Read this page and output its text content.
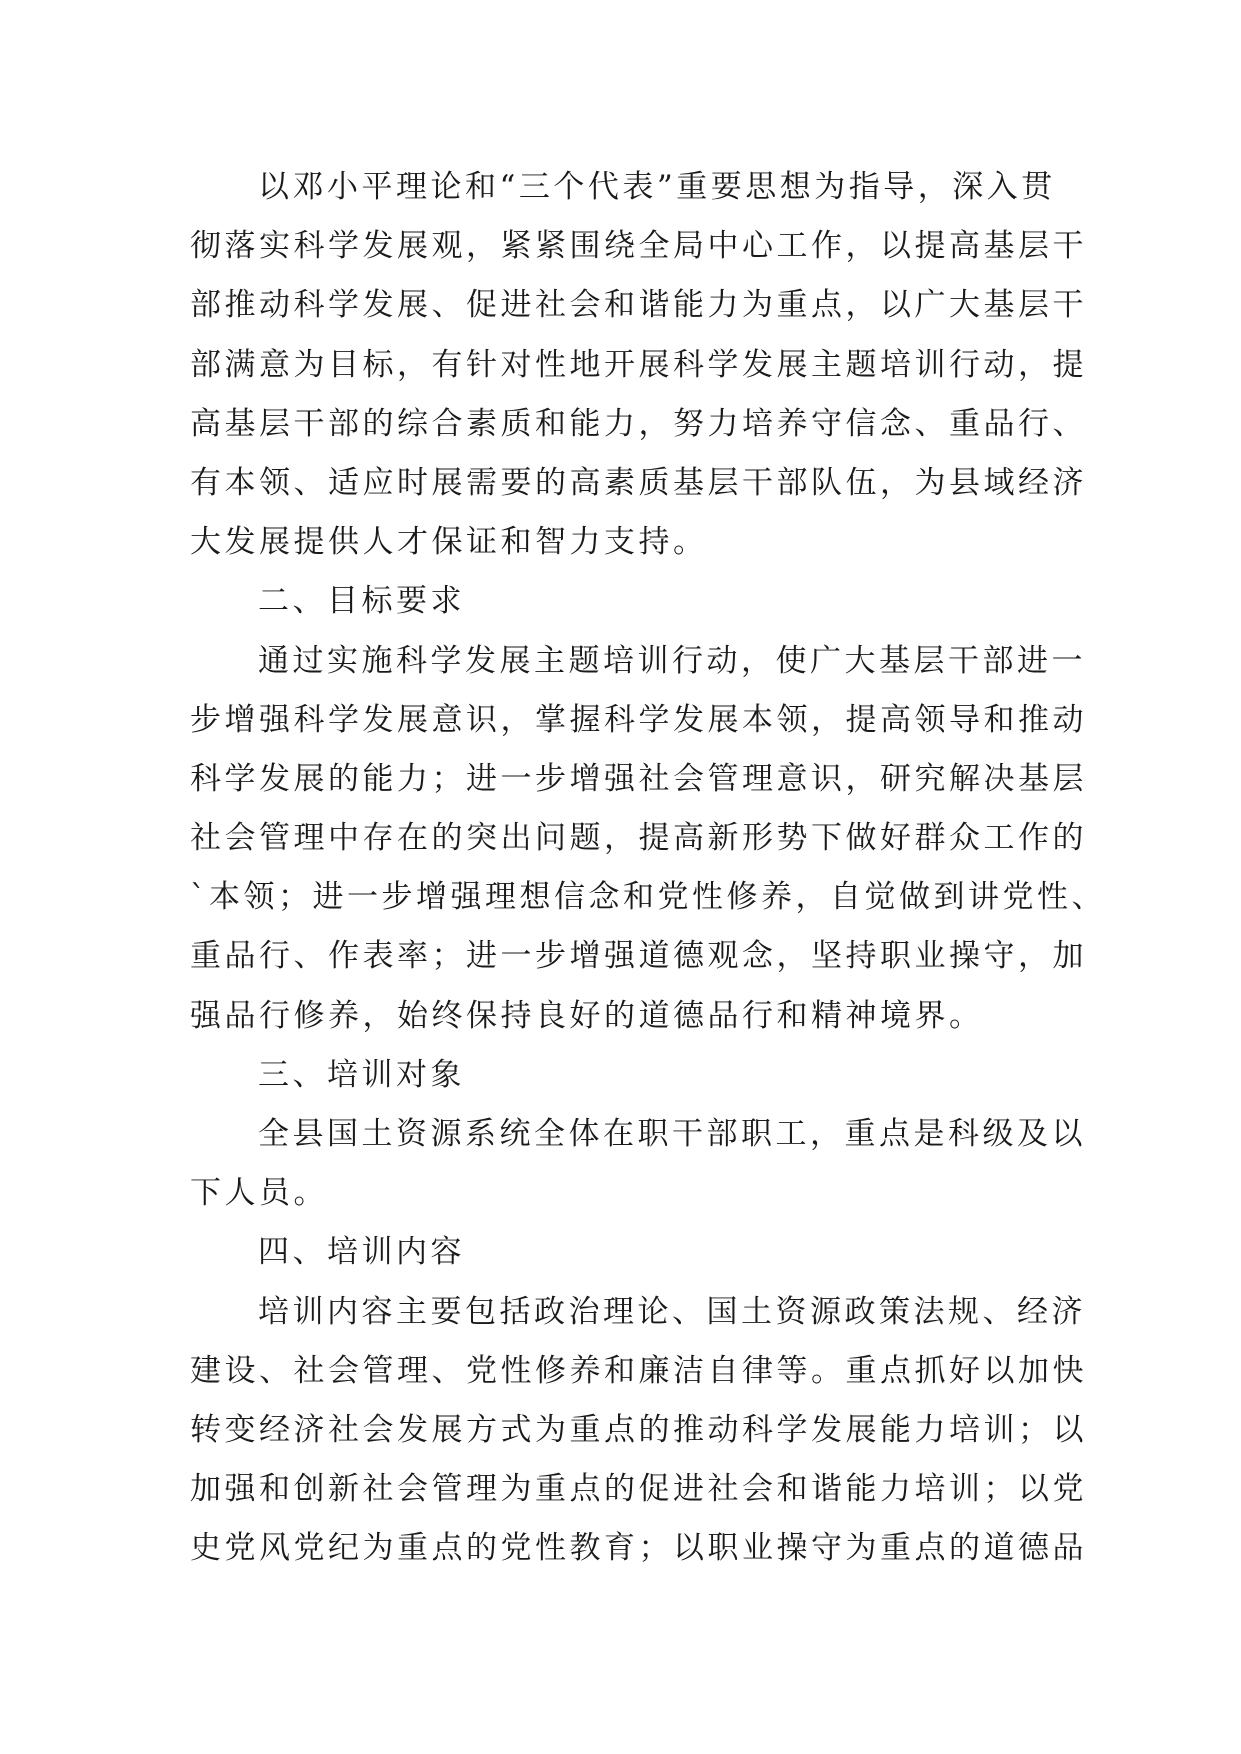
以邓小平理论和“三个代表”重要思想为指导，深入贯
彻落实科学发展观，紧紧围绕全局中心工作，以提高基层干
部推动科学发展、促进社会和谐能力为重点，以广大基层干
部满意为目标，有针对性地开展科学发展主题培训行动，提
高基层干部的综合素质和能力，努力培养守信念、重品行、
有本领、适应时展需要的高素质基层干部队伍，为县域经济
大发展提供人才保证和智力支持。
二、目标要求
通过实施科学发展主题培训行动，使广大基层干部进一
步增强科学发展意识，掌握科学发展本领，提高领导和推动
科学发展的能力；进一步增强社会管理意识，研究解决基层
社会管理中存在的突出问题，提高新形势下做好群众工作的
`本领；进一步增强理想信念和党性修养，自觉做到讲党性、
重品行、作表率；进一步增强道德观念，坚持职业操守，加
强品行修养，始终保持良好的道德品行和精神境界。
三、培训对象
全县国土资源系统全体在职干部职工，重点是科级及以
下人员。
四、培训内容
培训内容主要包括政治理论、国土资源政策法规、经济
建设、社会管理、党性修养和廉洁自律等。重点抓好以加快
转变经济社会发展方式为重点的推动科学发展能力培训；以
加强和创新社会管理为重点的促进社会和谐能力培训；以党
史党风党纪为重点的党性教育；以职业操守为重点的道德品
